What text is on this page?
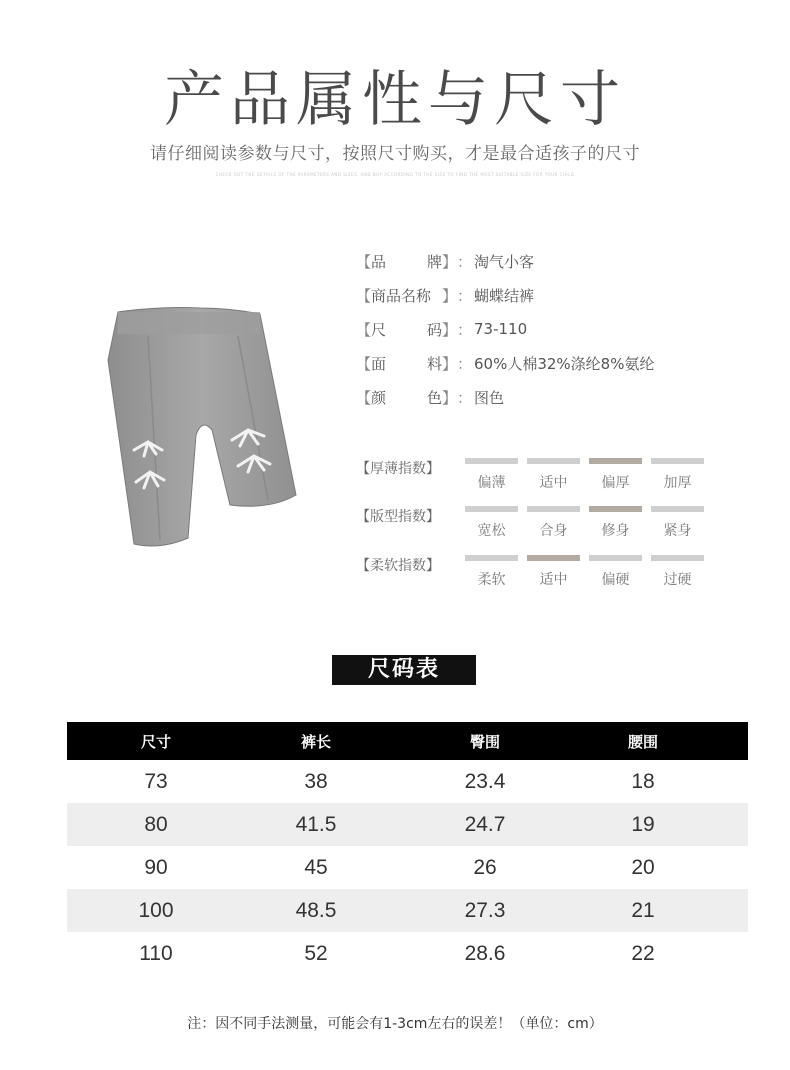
产品属性与尺寸
请仔细阅读参数与尺寸，按照尺寸购买，才是最合适孩子的尺寸
CHECK OUT THE DETAILS OF THE PARAMETERS AND SIZES, AND BUY ACCORDING TO THE SIZE TO FIND THE MOST SUITABLE SIZE FOR YOUR CHILD
【 品	牌 】 ： 淘气小客
【 商品名称 】 ： 蝴蝶结裤
【 尺	码 】 ： 73-110
【 面	料 】 ： 60%人棉32%涤纶8%氨纶
【 颜	色 】 ： 图色
【厚薄指数】
偏薄	适中	偏厚	加厚
【版型指数】
宽松	合身	修身	紧身
【柔软指数】
柔软	适中	偏硬	过硬
尺码表
尺寸	裤长	臀围	腰围
73	38	23.4	18
80	41.5	24.7	19
90	45	26	20
100	48.5	27.3	21
110	52	28.6	22
注：因不同手法测量，可能会有1-3cm左右的误差！（单位：cm）
